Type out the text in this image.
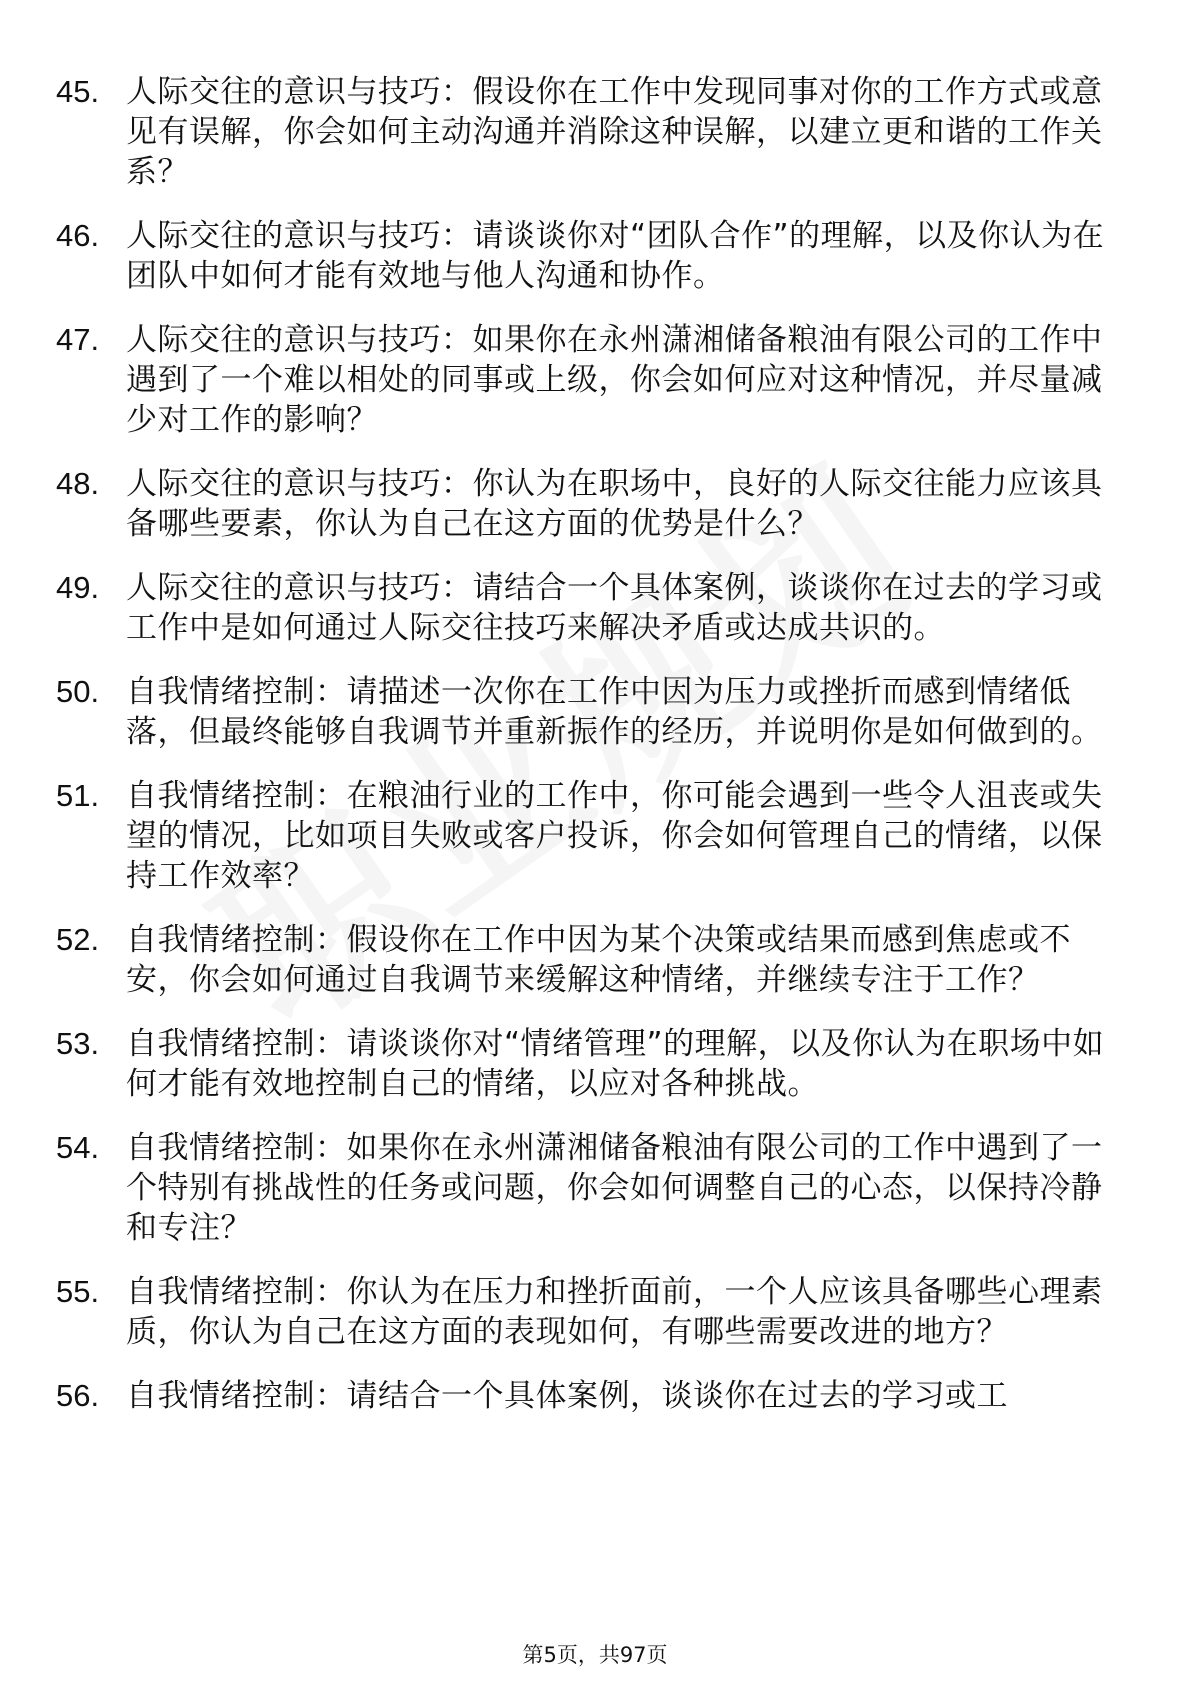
45. 人际交往的意识与技巧：假设你在工作中发现同事对你的工作方式或意见有误解，你会如何主动沟通并消除这种误解，以建立更和谐的工作关系？
46. 人际交往的意识与技巧：请谈谈你对“团队合作”的理解，以及你认为在团队中如何才能有效地与他人沟通和协作。
47. 人际交往的意识与技巧：如果你在永州潇湘储备粮油有限公司的工作中遇到了一个难以相处的同事或上级，你会如何应对这种情况，并尽量减少对工作的影响？
48. 人际交往的意识与技巧：你认为在职场中，良好的人际交往能力应该具备哪些要素，你认为自己在这方面的优势是什么？
49. 人际交往的意识与技巧：请结合一个具体案例，谈谈你在过去的学习或工作中是如何通过人际交往技巧来解决矛盾或达成共识的。
50. 自我情绪控制：请描述一次你在工作中因为压力或挫折而感到情绪低落，但最终能够自我调节并重新振作的经历，并说明你是如何做到的。
51. 自我情绪控制：在粮油行业的工作中，你可能会遇到一些令人沮丧或失望的情况，比如项目失败或客户投诉，你会如何管理自己的情绪，以保持工作效率？
52. 自我情绪控制：假设你在工作中因为某个决策或结果而感到焦虑或不安，你会如何通过自我调节来缓解这种情绪，并继续专注于工作？
53. 自我情绪控制：请谈谈你对“情绪管理”的理解，以及你认为在职场中如何才能有效地控制自己的情绪，以应对各种挑战。
54. 自我情绪控制：如果你在永州潇湘储备粮油有限公司的工作中遇到了一个特别有挑战性的任务或问题，你会如何调整自己的心态，以保持冷静和专注？
55. 自我情绪控制：你认为在压力和挫折面前，一个人应该具备哪些心理素质，你认为自己在这方面的表现如何，有哪些需要改进的地方？
56. 自我情绪控制：请结合一个具体案例，谈谈你在过去的学习或工
第5页，共97页
